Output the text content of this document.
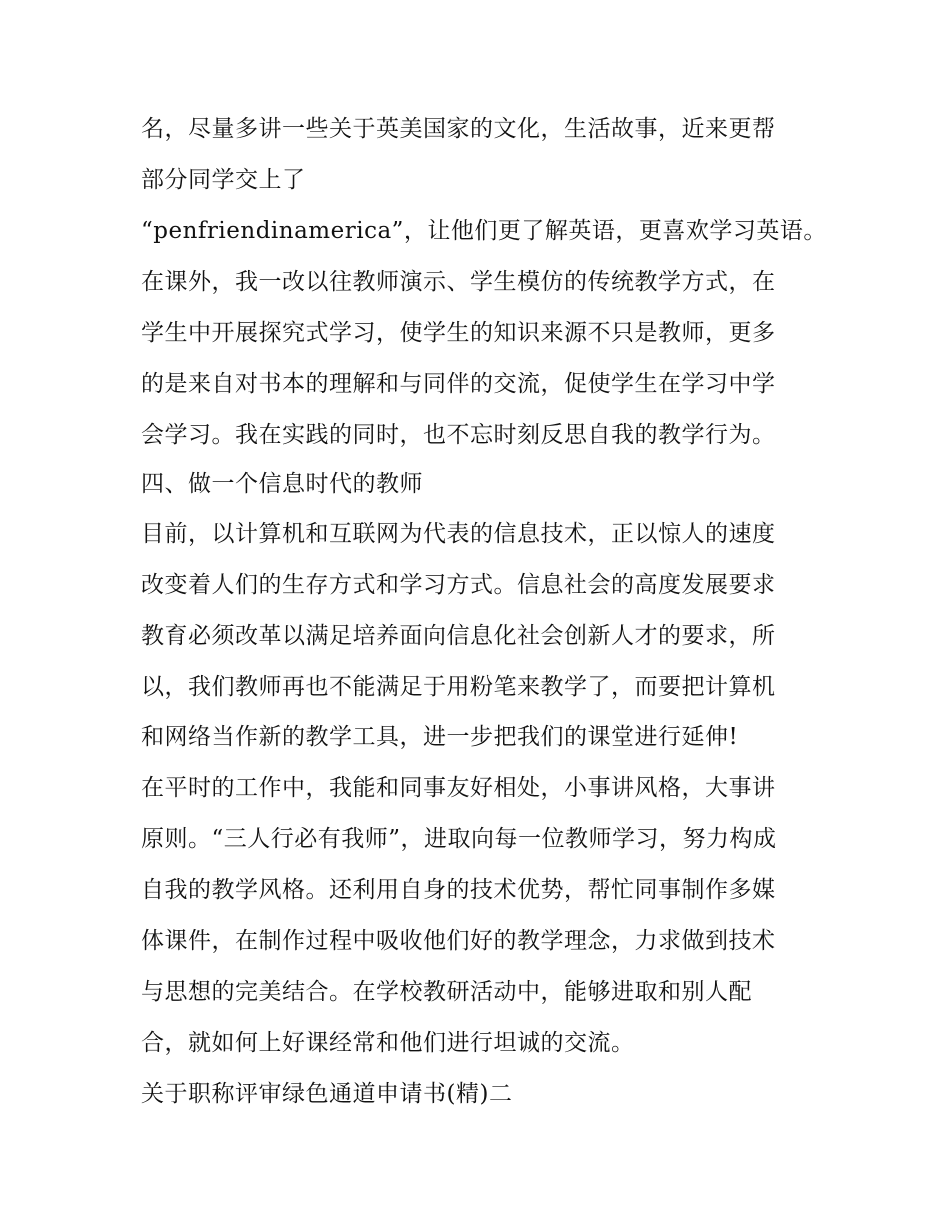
名，尽量多讲一些关于英美国家的文化，生活故事，近来更帮
部分同学交上了
“penfriendinamerica”，让他们更了解英语，更喜欢学习英语。
在课外，我一改以往教师演示、学生模仿的传统教学方式，在
学生中开展探究式学习，使学生的知识来源不只是教师，更多
的是来自对书本的理解和与同伴的交流，促使学生在学习中学
会学习。我在实践的同时，也不忘时刻反思自我的教学行为。
四、做一个信息时代的教师
目前，以计算机和互联网为代表的信息技术，正以惊人的速度
改变着人们的生存方式和学习方式。信息社会的高度发展要求
教育必须改革以满足培养面向信息化社会创新人才的要求，所
以，我们教师再也不能满足于用粉笔来教学了，而要把计算机
和网络当作新的教学工具，进一步把我们的课堂进行延伸!
在平时的工作中，我能和同事友好相处，小事讲风格，大事讲
原则。“三人行必有我师”，进取向每一位教师学习，努力构成
自我的教学风格。还利用自身的技术优势，帮忙同事制作多媒
体课件，在制作过程中吸收他们好的教学理念，力求做到技术
与思想的完美结合。在学校教研活动中，能够进取和别人配
合，就如何上好课经常和他们进行坦诚的交流。
关于职称评审绿色通道申请书(精)二
